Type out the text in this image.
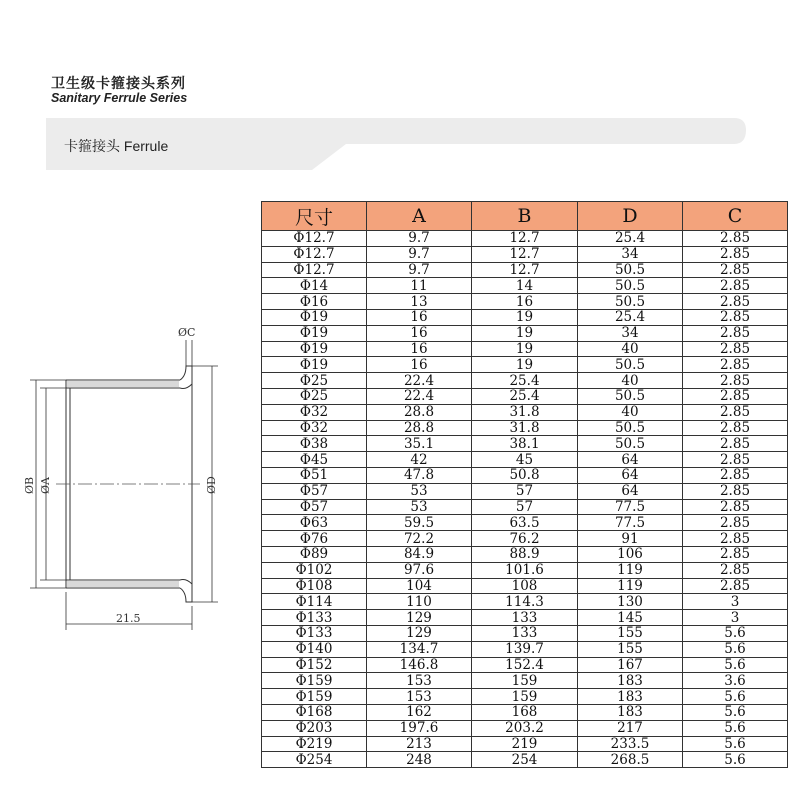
卫生级卡箍接头系列
Sanitary Ferrule Series
卡箍接头 Ferrule
ØC
ØB ØA	ØD
21.5
尺寸	A	B	D	C
Φ12.7	9.7	12.7	25.4	2.85
Φ12.7	9.7	12.7	34	2.85
Φ12.7	9.7	12.7	50.5	2.85
Φ14	11	14	50.5	2.85
Φ16	13	16	50.5	2.85
Φ19	16	19	25.4	2.85
Φ19	16	19	34	2.85
Φ19	16	19	40	2.85
Φ19	16	19	50.5	2.85
Φ25	22.4	25.4	40	2.85
Φ25	22.4	25.4	50.5	2.85
Φ32	28.8	31.8	40	2.85
Φ32	28.8	31.8	50.5	2.85
Φ38	35.1	38.1	50.5	2.85
Φ45	42	45	64	2.85
Φ51	47.8	50.8	64	2.85
Φ57	53	57	64	2.85
Φ57	53	57	77.5	2.85
Φ63	59.5	63.5	77.5	2.85
Φ76	72.2	76.2	91	2.85
Φ89	84.9	88.9	106	2.85
Φ102	97.6	101.6	119	2.85
Φ108	104	108	119	2.85
Φ114	110	114.3	130	3
Φ133	129	133	145	3
Φ133	129	133	155	5.6
Φ140	134.7	139.7	155	5.6
Φ152	146.8	152.4	167	5.6
Φ159	153	159	183	3.6
Φ159	153	159	183	5.6
Φ168	162	168	183	5.6
Φ203	197.6	203.2	217	5.6
Φ219	213	219	233.5	5.6
Φ254	248	254	268.5	5.6
